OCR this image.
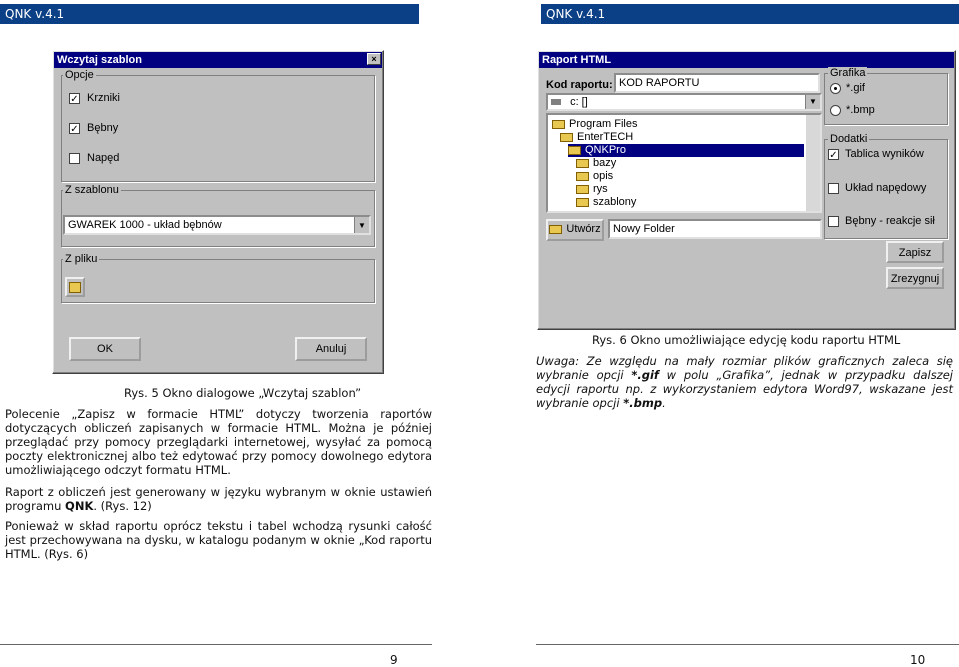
QNK v.4.1	QNK v.4.1
Wczytaj szablon	×
Opcje
✓ Krzniki
✓ Bębny
Napęd
Z szablonu
GWAREK 1000 - układ bębnów	▼
Z pliku
OK	Anuluj
Raport HTML
Kod raportu: KOD RAPORTU
c: []	▼
Program Files
EnterTECH
QNKPro
bazy
opis
rys
szablony
Utwórz	Nowy Folder
Grafika
*.gif
*.bmp
Dodatki
✓ Tablica wyników
Układ napędowy
Bębny - reakcje sił
Zapisz
Zrezygnuj
Rys. 5 Okno dialogowe „Wczytaj szablon”
Rys. 6 Okno umożliwiające edycję kodu raportu HTML
Polecenie „Zapisz w formacie HTML” dotyczy tworzenia raportów dotyczących obliczeń zapisanych w formacie HTML. Można je później przeglądać przy pomocy przeglądarki internetowej, wysyłać za pomocą poczty elektronicznej albo też edytować przy pomocy dowolnego edytora umożliwiającego odczyt formatu HTML.
Raport z obliczeń jest generowany w języku wybranym w oknie ustawień programu QNK. (Rys. 12)
Ponieważ w skład raportu oprócz tekstu i tabel wchodzą rysunki całość jest przechowywana na dysku, w katalogu podanym w oknie „Kod raportu HTML. (Rys. 6)
Uwaga: Ze względu na mały rozmiar plików graficznych zaleca się wybranie opcji *.gif w polu „Grafika”, jednak w przypadku dalszej edycji raportu np. z wykorzystaniem edytora Word97, wskazane jest wybranie opcji *.bmp.
9	10
